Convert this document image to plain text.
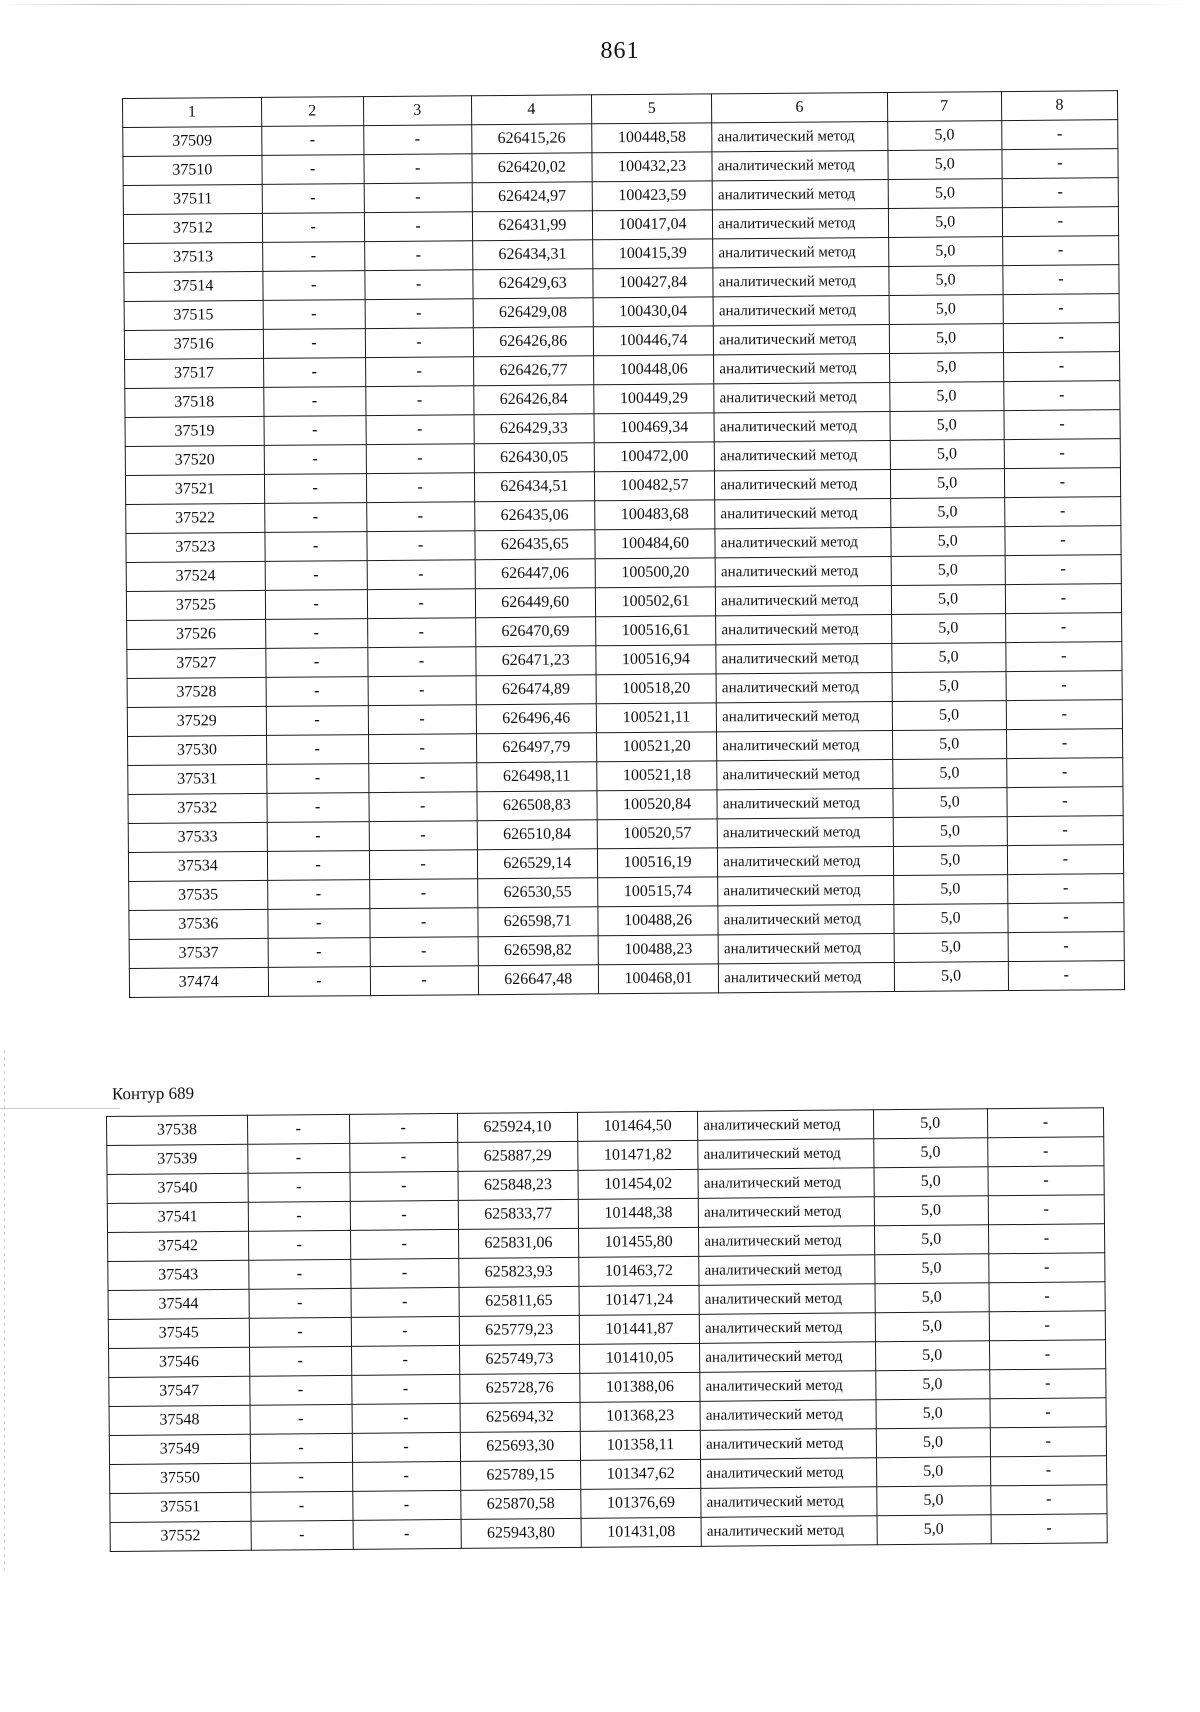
861
1	2	3	4	5	6	7	8
37509	-	-	626415,26	100448,58	аналитический метод	5,0	-
37510	-	-	626420,02	100432,23	аналитический метод	5,0	-
37511	-	-	626424,97	100423,59	аналитический метод	5,0	-
37512	-	-	626431,99	100417,04	аналитический метод	5,0	-
37513	-	-	626434,31	100415,39	аналитический метод	5,0	-
37514	-	-	626429,63	100427,84	аналитический метод	5,0	-
37515	-	-	626429,08	100430,04	аналитический метод	5,0	-
37516	-	-	626426,86	100446,74	аналитический метод	5,0	-
37517	-	-	626426,77	100448,06	аналитический метод	5,0	-
37518	-	-	626426,84	100449,29	аналитический метод	5,0	-
37519	-	-	626429,33	100469,34	аналитический метод	5,0	-
37520	-	-	626430,05	100472,00	аналитический метод	5,0	-
37521	-	-	626434,51	100482,57	аналитический метод	5,0	-
37522	-	-	626435,06	100483,68	аналитический метод	5,0	-
37523	-	-	626435,65	100484,60	аналитический метод	5,0	-
37524	-	-	626447,06	100500,20	аналитический метод	5,0	-
37525	-	-	626449,60	100502,61	аналитический метод	5,0	-
37526	-	-	626470,69	100516,61	аналитический метод	5,0	-
37527	-	-	626471,23	100516,94	аналитический метод	5,0	-
37528	-	-	626474,89	100518,20	аналитический метод	5,0	-
37529	-	-	626496,46	100521,11	аналитический метод	5,0	-
37530	-	-	626497,79	100521,20	аналитический метод	5,0	-
37531	-	-	626498,11	100521,18	аналитический метод	5,0	-
37532	-	-	626508,83	100520,84	аналитический метод	5,0	-
37533	-	-	626510,84	100520,57	аналитический метод	5,0	-
37534	-	-	626529,14	100516,19	аналитический метод	5,0	-
37535	-	-	626530,55	100515,74	аналитический метод	5,0	-
37536	-	-	626598,71	100488,26	аналитический метод	5,0	-
37537	-	-	626598,82	100488,23	аналитический метод	5,0	-
37474	-	-	626647,48	100468,01	аналитический метод	5,0	-
Контур 689
37538	-	-	625924,10	101464,50	аналитический метод	5,0	-
37539	-	-	625887,29	101471,82	аналитический метод	5,0	-
37540	-	-	625848,23	101454,02	аналитический метод	5,0	-
37541	-	-	625833,77	101448,38	аналитический метод	5,0	-
37542	-	-	625831,06	101455,80	аналитический метод	5,0	-
37543	-	-	625823,93	101463,72	аналитический метод	5,0	-
37544	-	-	625811,65	101471,24	аналитический метод	5,0	-
37545	-	-	625779,23	101441,87	аналитический метод	5,0	-
37546	-	-	625749,73	101410,05	аналитический метод	5,0	-
37547	-	-	625728,76	101388,06	аналитический метод	5,0	-
37548	-	-	625694,32	101368,23	аналитический метод	5,0	-
37549	-	-	625693,30	101358,11	аналитический метод	5,0	-
37550	-	-	625789,15	101347,62	аналитический метод	5,0	-
37551	-	-	625870,58	101376,69	аналитический метод	5,0	-
37552	-	-	625943,80	101431,08	аналитический метод	5,0	-
